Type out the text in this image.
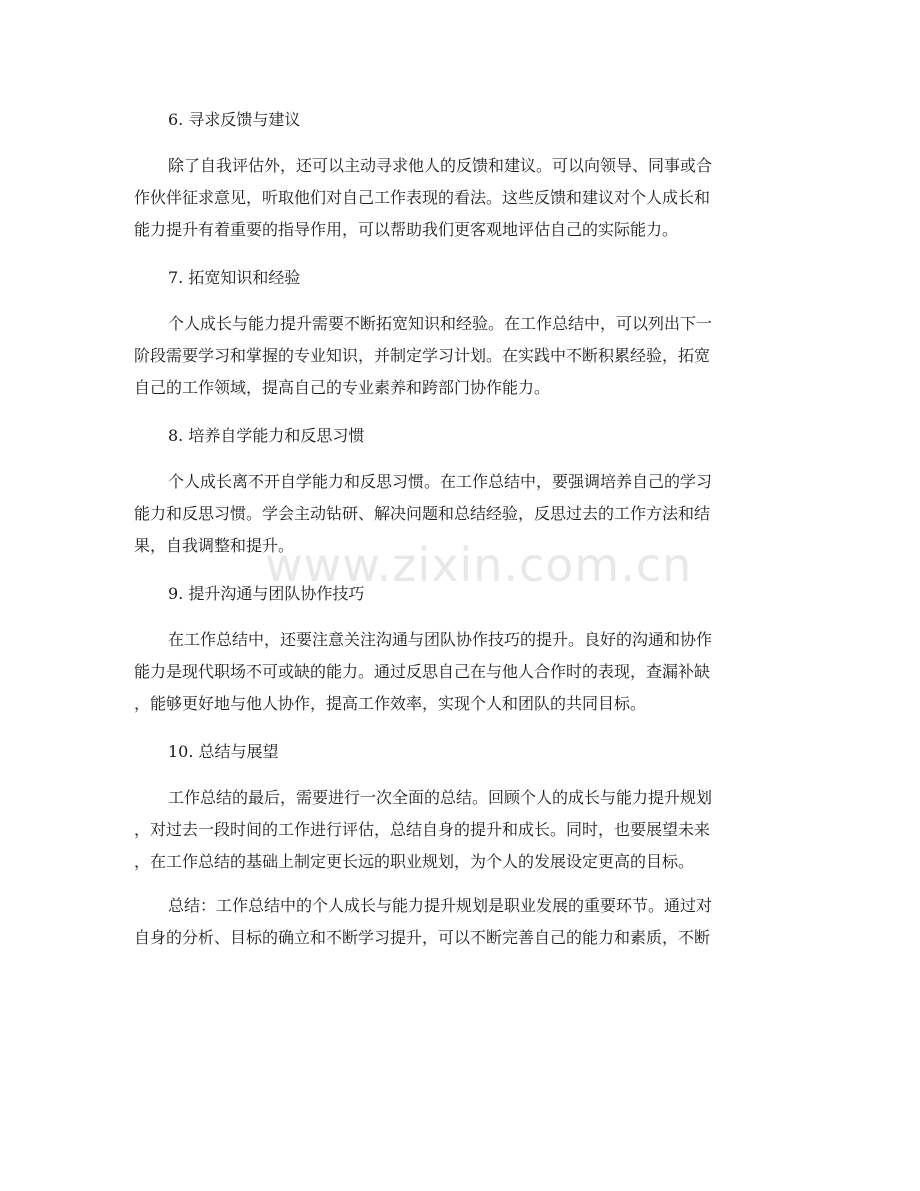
6. 寻求反馈与建议
除了自我评估外，还可以主动寻求他人的反馈和建议。可以向领导、同事或合
作伙伴征求意见，听取他们对自己工作表现的看法。这些反馈和建议对个人成长和
能力提升有着重要的指导作用，可以帮助我们更客观地评估自己的实际能力。
7. 拓宽知识和经验
个人成长与能力提升需要不断拓宽知识和经验。在工作总结中，可以列出下一
阶段需要学习和掌握的专业知识，并制定学习计划。在实践中不断积累经验，拓宽
自己的工作领域，提高自己的专业素养和跨部门协作能力。
8. 培养自学能力和反思习惯
个人成长离不开自学能力和反思习惯。在工作总结中，要强调培养自己的学习
能力和反思习惯。学会主动钻研、解决问题和总结经验，反思过去的工作方法和结
果，自我调整和提升。
9. 提升沟通与团队协作技巧
在工作总结中，还要注意关注沟通与团队协作技巧的提升。良好的沟通和协作
能力是现代职场不可或缺的能力。通过反思自己在与他人合作时的表现，查漏补缺
，能够更好地与他人协作，提高工作效率，实现个人和团队的共同目标。
10. 总结与展望
工作总结的最后，需要进行一次全面的总结。回顾个人的成长与能力提升规划
，对过去一段时间的工作进行评估，总结自身的提升和成长。同时，也要展望未来
，在工作总结的基础上制定更长远的职业规划，为个人的发展设定更高的目标。
总结：工作总结中的个人成长与能力提升规划是职业发展的重要环节。通过对
自身的分析、目标的确立和不断学习提升，可以不断完善自己的能力和素质，不断
www.zixin.com.cn
